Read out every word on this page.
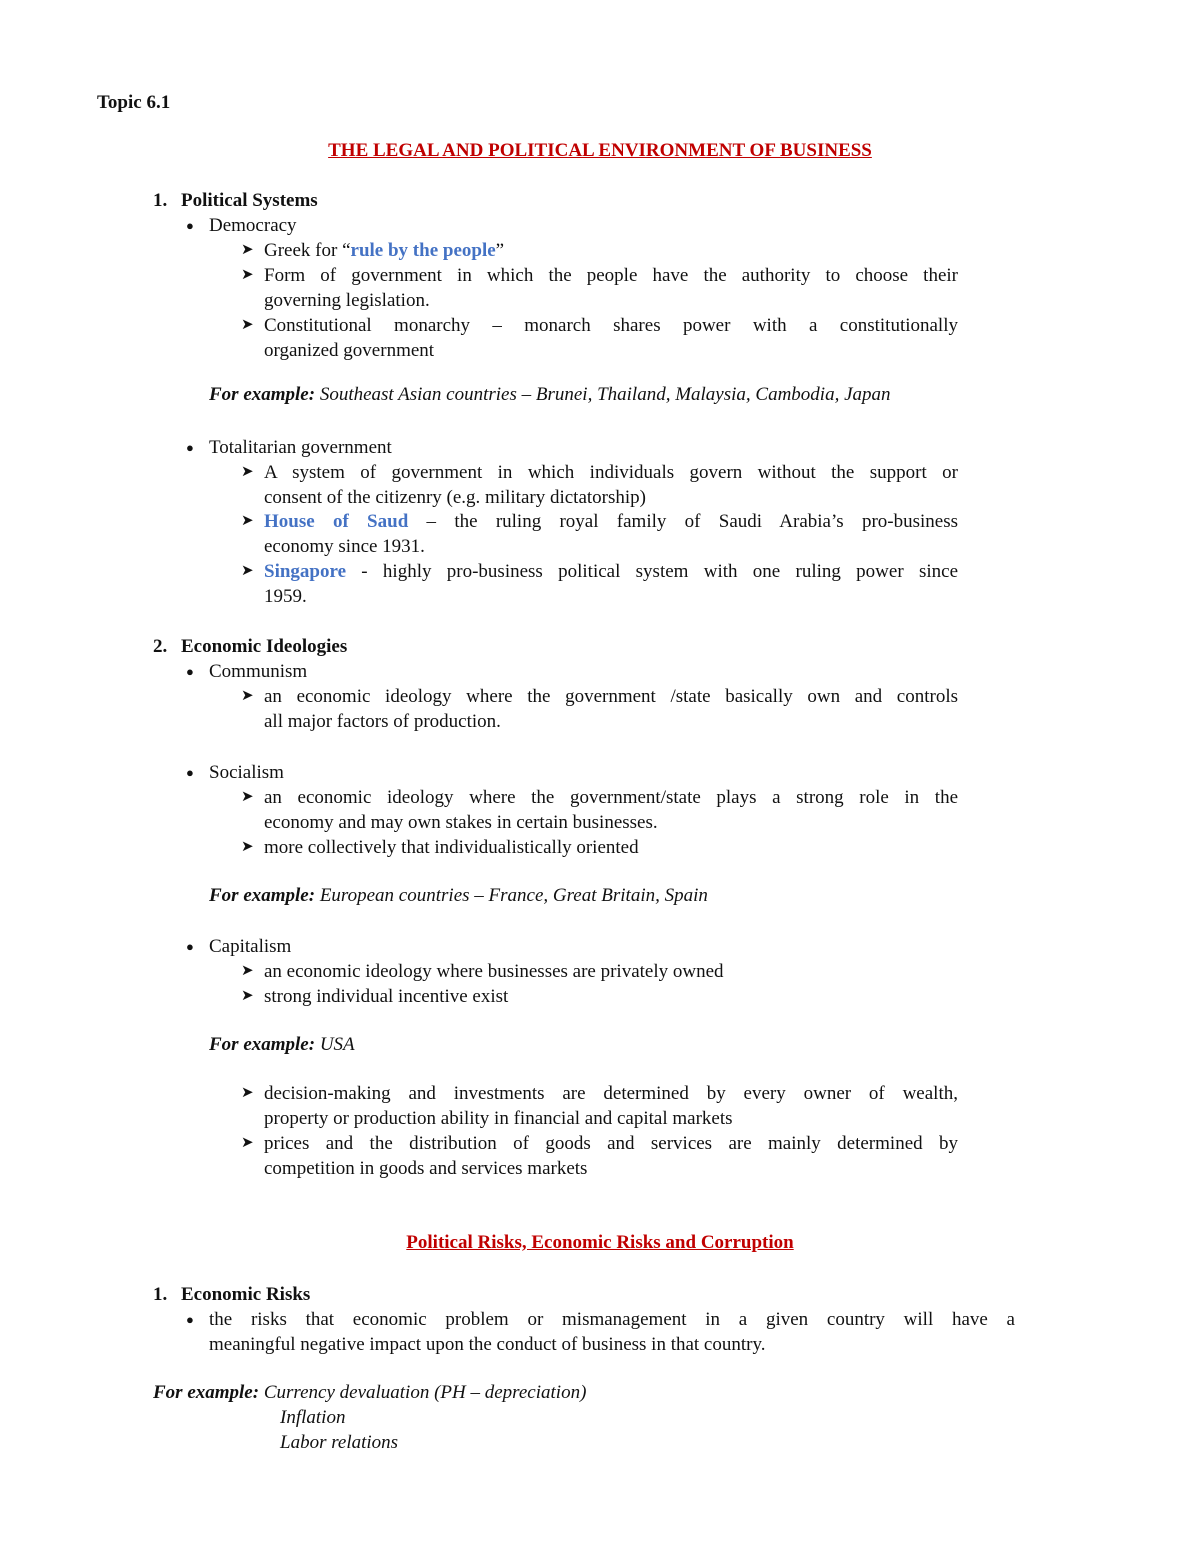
Topic 6.1
THE LEGAL AND POLITICAL ENVIRONMENT OF BUSINESS
1. Political Systems
● Democracy
➤ Greek for “rule by the people”
➤ Form of government in which the people have the authority to choose their
governing legislation.
➤ Constitutional monarchy – monarch shares power with a constitutionally
organized government
For example: Southeast Asian countries – Brunei, Thailand, Malaysia, Cambodia, Japan
● Totalitarian government
➤ A system of government in which individuals govern without the support or
consent of the citizenry (e.g. military dictatorship)
➤ House of Saud – the ruling royal family of Saudi Arabia’s pro-business
economy since 1931.
➤ Singapore - highly pro-business political system with one ruling power since
1959.
2. Economic Ideologies
● Communism
➤ an economic ideology where the government /state basically own and controls
all major factors of production.
● Socialism
➤ an economic ideology where the government/state plays a strong role in the
economy and may own stakes in certain businesses.
➤ more collectively that individualistically oriented
For example: European countries – France, Great Britain, Spain
● Capitalism
➤ an economic ideology where businesses are privately owned
➤ strong individual incentive exist
For example: USA
➤ decision-making and investments are determined by every owner of wealth,
property or production ability in financial and capital markets
➤ prices and the distribution of goods and services are mainly determined by
competition in goods and services markets
Political Risks, Economic Risks and Corruption
1. Economic Risks
● the risks that economic problem or mismanagement in a given country will have a
meaningful negative impact upon the conduct of business in that country.
For example: Currency devaluation (PH – depreciation)
Inflation
Labor relations
